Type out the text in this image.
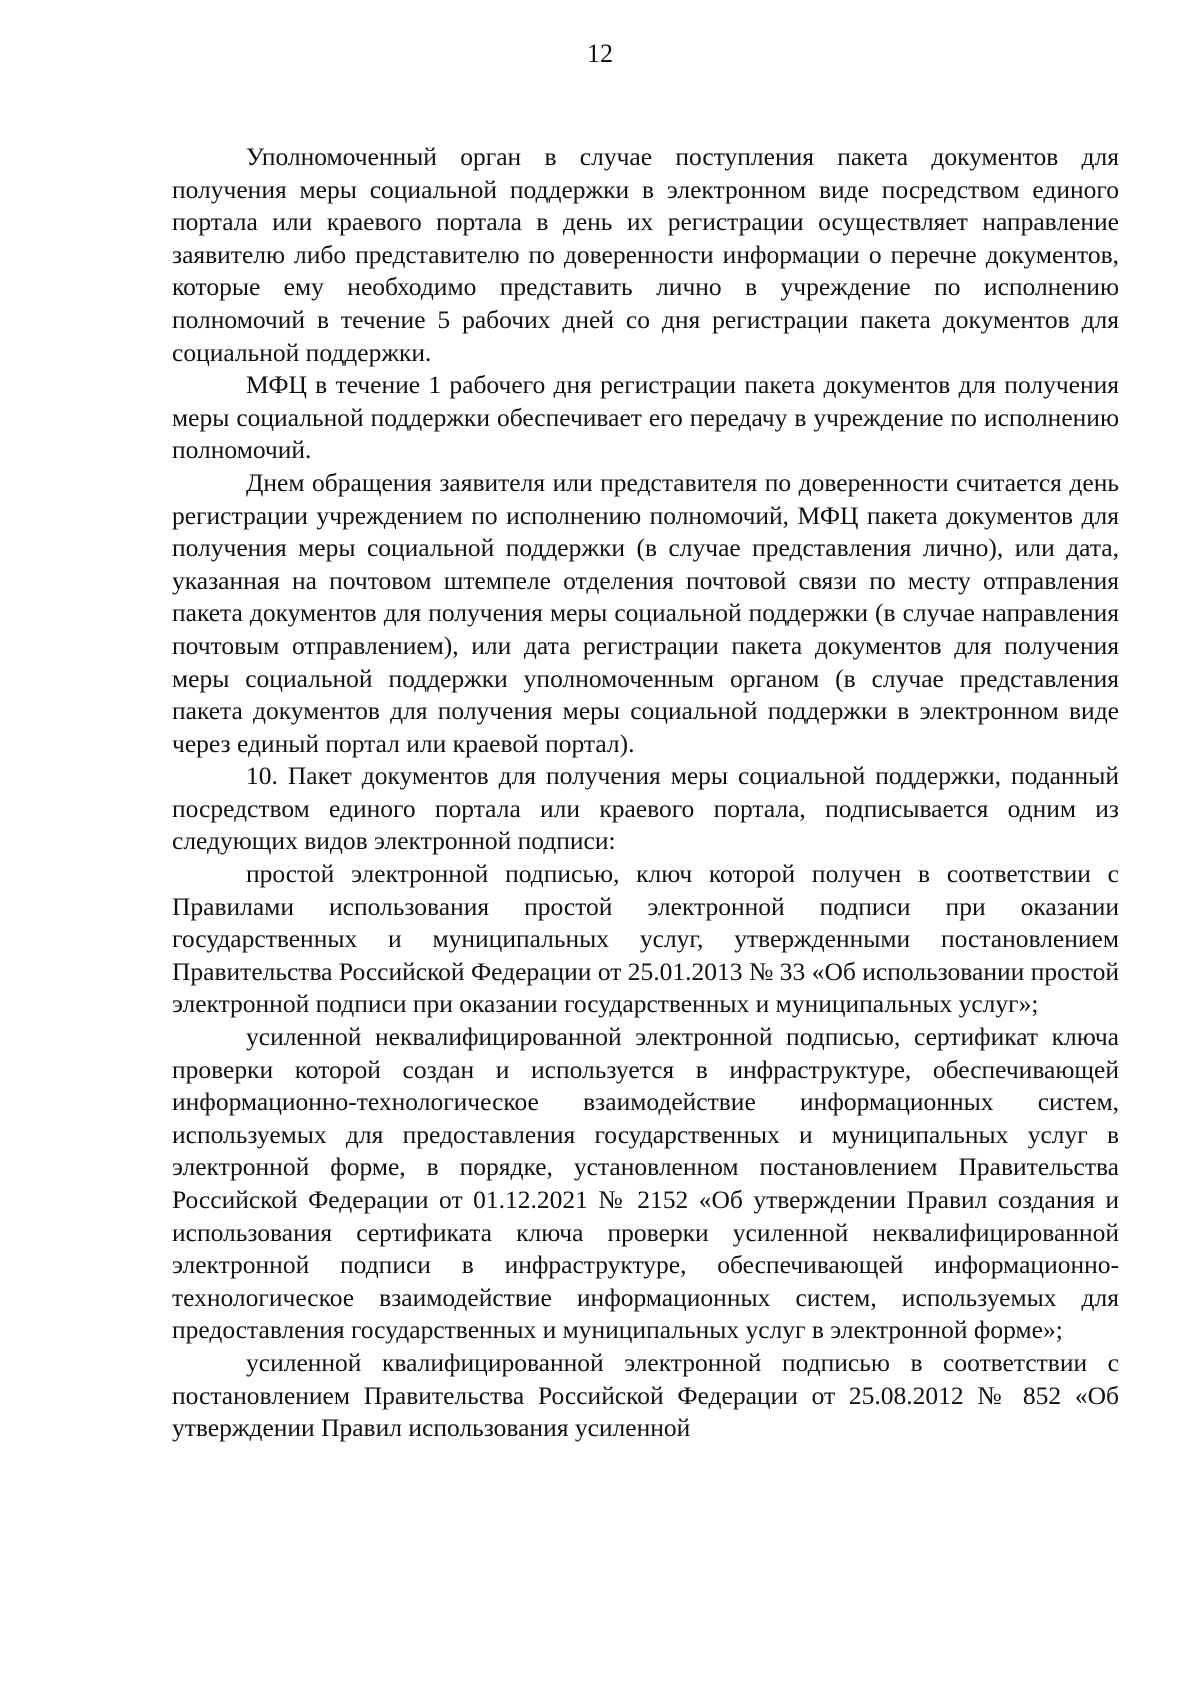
12

Уполномоченный орган в случае поступления пакета документов для получения меры социальной поддержки в электронном виде посредством единого портала или краевого портала в день их регистрации осуществляет направление заявителю либо представителю по доверенности информации о перечне документов, которые ему необходимо представить лично в учреждение по исполнению полномочий в течение 5 рабочих дней со дня регистрации пакета документов для социальной поддержки.

МФЦ в течение 1 рабочего дня регистрации пакета документов для получения меры социальной поддержки обеспечивает его передачу в учреждение по исполнению полномочий.

Днем обращения заявителя или представителя по доверенности считается день регистрации учреждением по исполнению полномочий, МФЦ пакета документов для получения меры социальной поддержки (в случае представления лично), или дата, указанная на почтовом штемпеле отделения почтовой связи по месту отправления пакета документов для получения меры социальной поддержки (в случае направления почтовым отправлением), или дата регистрации пакета документов для получения меры социальной поддержки уполномоченным органом (в случае представления пакета документов для получения меры социальной поддержки в электронном виде через единый портал или краевой портал).

10. Пакет документов для получения меры социальной поддержки, поданный посредством единого портала или краевого портала, подписывается одним из следующих видов электронной подписи:

простой электронной подписью, ключ которой получен в соответствии с Правилами использования простой электронной подписи при оказании государственных и муниципальных услуг, утвержденными постановлением Правительства Российской Федерации от 25.01.2013 № 33 «Об использовании простой электронной подписи при оказании государственных и муниципальных услуг»;

усиленной неквалифицированной электронной подписью, сертификат ключа проверки которой создан и используется в инфраструктуре, обеспечивающей информационно-технологическое взаимодействие информационных систем, используемых для предоставления государственных и муниципальных услуг в электронной форме, в порядке, установленном постановлением Правительства Российской Федерации от 01.12.2021 № 2152 «Об утверждении Правил создания и использования сертификата ключа проверки усиленной неквалифицированной электронной подписи в инфраструктуре, обеспечивающей информационно-технологическое взаимодействие информационных систем, используемых для предоставления государственных и муниципальных услуг в электронной форме»;

усиленной квалифицированной электронной подписью в соответствии с постановлением Правительства Российской Федерации от 25.08.2012 № 852 «Об утверждении Правил использования усиленной
